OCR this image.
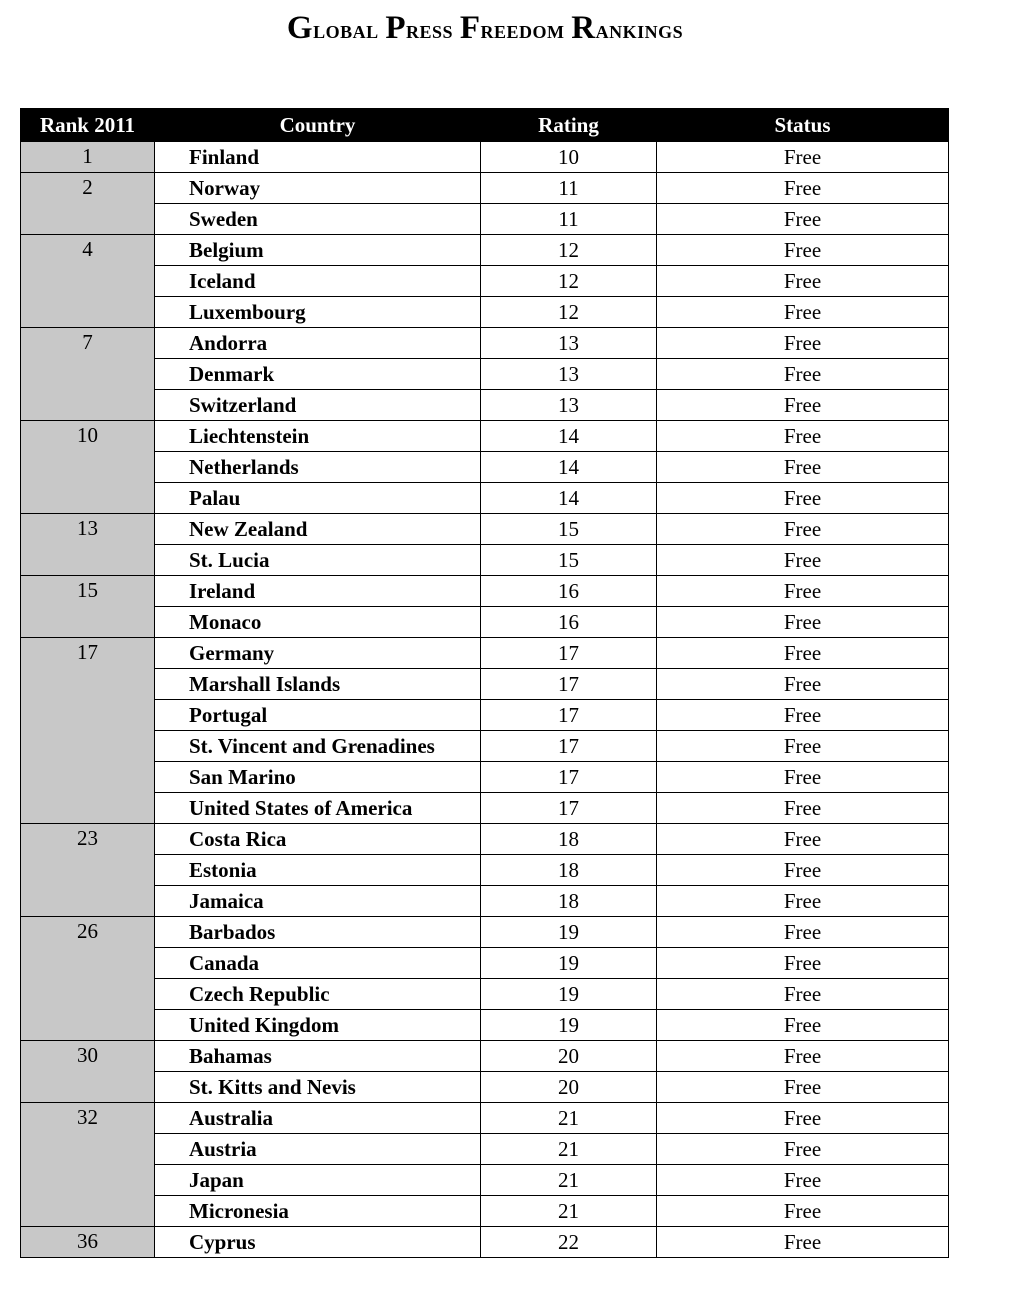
Global Press Freedom Rankings
Rank 2011	Country	Rating	Status
1	Finland	10	Free
2	Norway	11	Free
	Sweden	11	Free
4	Belgium	12	Free
	Iceland	12	Free
	Luxembourg	12	Free
7	Andorra	13	Free
	Denmark	13	Free
	Switzerland	13	Free
10	Liechtenstein	14	Free
	Netherlands	14	Free
	Palau	14	Free
13	New Zealand	15	Free
	St. Lucia	15	Free
15	Ireland	16	Free
	Monaco	16	Free
17	Germany	17	Free
	Marshall Islands	17	Free
	Portugal	17	Free
	St. Vincent and Grenadines	17	Free
	San Marino	17	Free
	United States of America	17	Free
23	Costa Rica	18	Free
	Estonia	18	Free
	Jamaica	18	Free
26	Barbados	19	Free
	Canada	19	Free
	Czech Republic	19	Free
	United Kingdom	19	Free
30	Bahamas	20	Free
	St. Kitts and Nevis	20	Free
32	Australia	21	Free
	Austria	21	Free
	Japan	21	Free
	Micronesia	21	Free
36	Cyprus	22	Free
